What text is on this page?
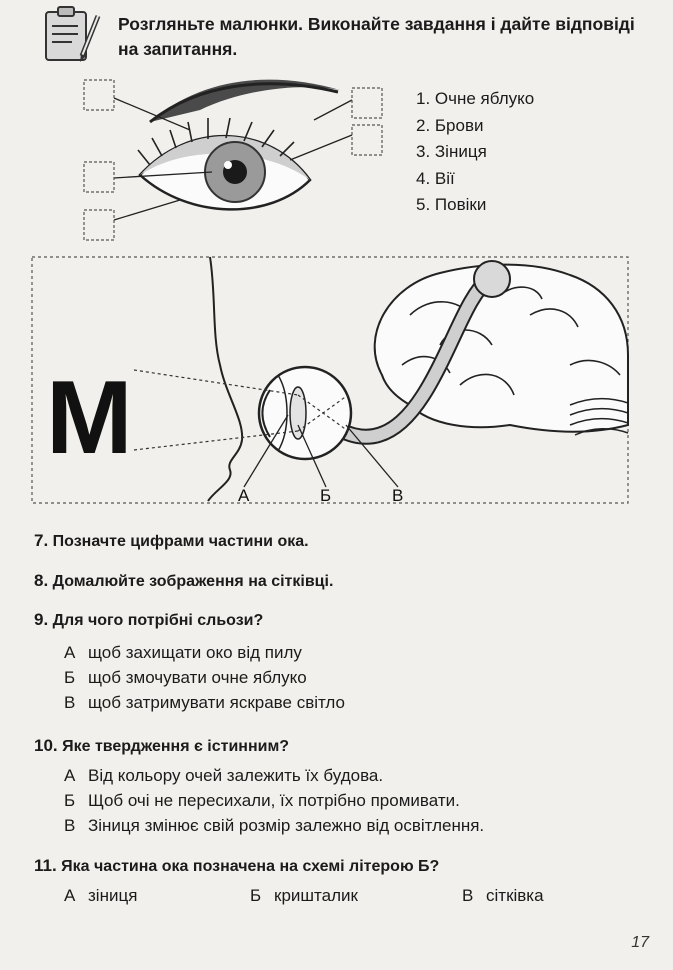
Розгляньте малюнки. Виконайте завдання і дайте відповіді на запитання.
1. Очне яблуко
2. Брови
3. Зіниця
4. Вії
5. Повіки
М
А	Б	В
7. Позначте цифрами частини ока.
8. Домалюйте зображення на сітківці.
9. Для чого потрібні сльози?
А щоб захищати око від пилу
Б щоб змочувати очне яблуко
В щоб затримувати яскраве світло
10. Яке твердження є істинним?
А Від кольору очей залежить їх будова.
Б Щоб очі не пересихали, їх потрібно промивати.
В Зіниця змінює свій розмір залежно від освітлення.
11. Яка частина ока позначена на схемі літерою Б?
А зіниця	Б кришталик	В сітківка
17
